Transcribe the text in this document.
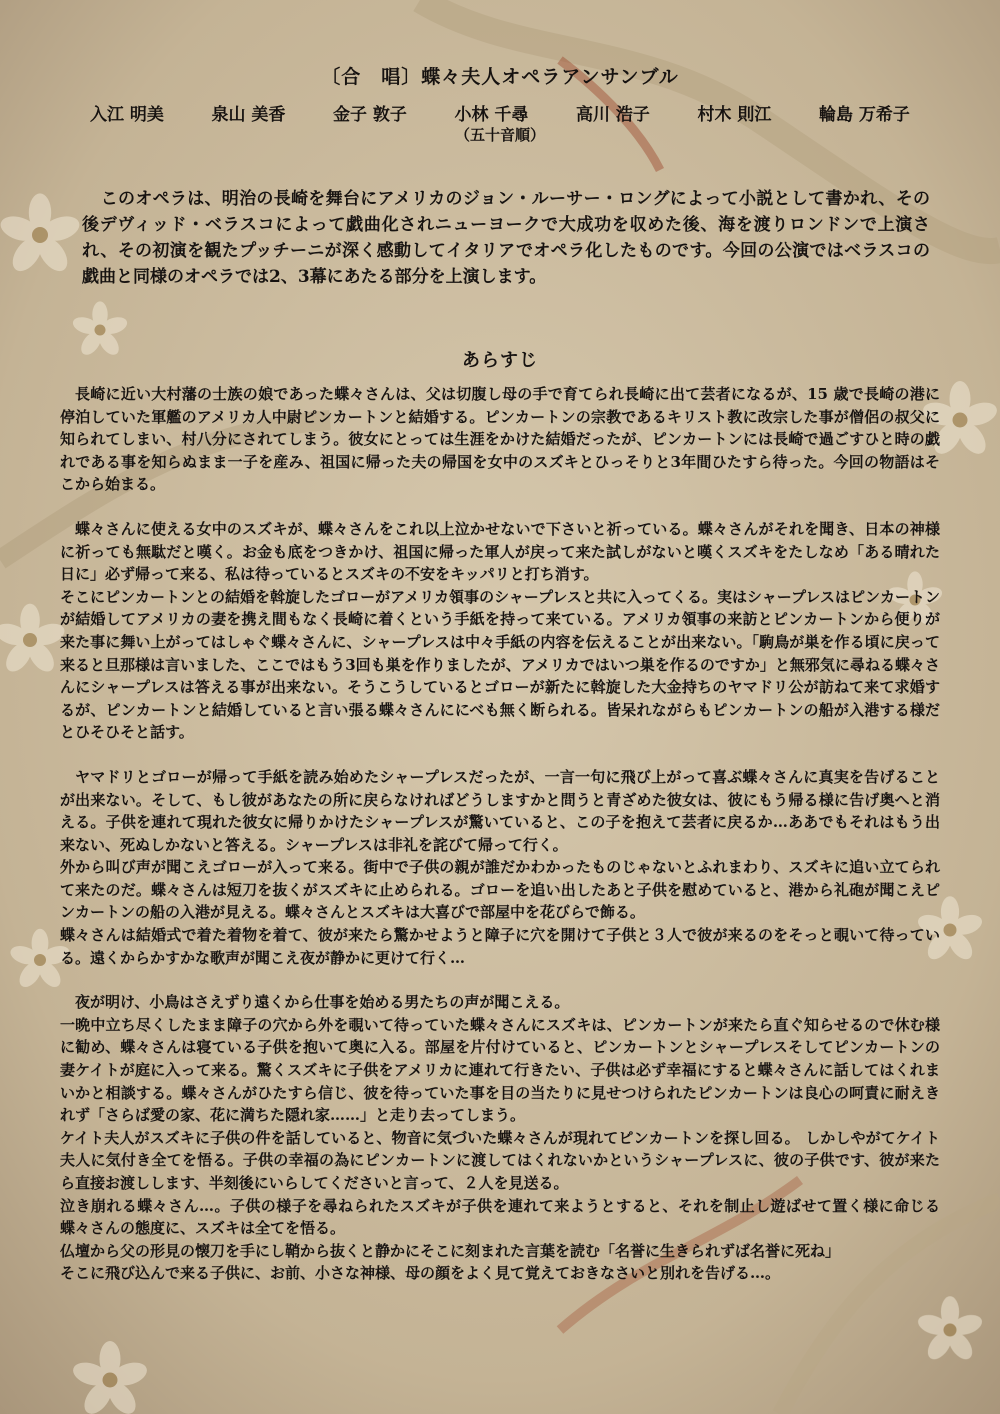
〔合　唱〕蝶々夫人オペラアンサンブル
入江 明美	泉山 美香	金子 敦子	小林 千尋	高川 浩子	村木 則江	輪島 万希子
（五十音順）

このオペラは、明治の長崎を舞台にアメリカのジョン・ルーサー・ロングによって小説として書かれ、その後デヴィッド・ベラスコによって戯曲化されニューヨークで大成功を収めた後、海を渡りロンドンで上演され、その初演を観たプッチーニが深く感動してイタリアでオペラ化したものです。今回の公演ではベラスコの戯曲と同様のオペラでは2、3幕にあたる部分を上演します。

あらすじ

長崎に近い大村藩の士族の娘であった蝶々さんは、父は切腹し母の手で育てられ長崎に出て芸者になるが、15 歳で長崎の港に停泊していた軍艦のアメリカ人中尉ピンカートンと結婚する。ピンカートンの宗教であるキリスト教に改宗した事が僧侶の叔父に知られてしまい、村八分にされてしまう。彼女にとっては生涯をかけた結婚だったが、ピンカートンには長崎で過ごすひと時の戯れである事を知らぬまま一子を産み、祖国に帰った夫の帰国を女中のスズキとひっそりと3年間ひたすら待った。今回の物語はそこから始まる。

蝶々さんに使える女中のスズキが、蝶々さんをこれ以上泣かせないで下さいと祈っている。蝶々さんがそれを聞き、日本の神様に祈っても無駄だと嘆く。お金も底をつきかけ、祖国に帰った軍人が戻って来た試しがないと嘆くスズキをたしなめ「ある晴れた日に」必ず帰って来る、私は待っているとスズキの不安をキッパリと打ち消す。

そこにピンカートンとの結婚を斡旋したゴローがアメリカ領事のシャープレスと共に入ってくる。実はシャープレスはピンカートンが結婚してアメリカの妻を携え間もなく長崎に着くという手紙を持って来ている。アメリカ領事の来訪とピンカートンから便りが来た事に舞い上がってはしゃぐ蝶々さんに、シャープレスは中々手紙の内容を伝えることが出来ない。「駒鳥が巣を作る頃に戻って来ると旦那様は言いました、ここではもう3回も巣を作りましたが、アメリカではいつ巣を作るのですか」と無邪気に尋ねる蝶々さんにシャープレスは答える事が出来ない。そうこうしているとゴローが新たに斡旋した大金持ちのヤマドリ公が訪ねて来て求婚するが、ピンカートンと結婚していると言い張る蝶々さんににべも無く断られる。皆呆れながらもピンカートンの船が入港する様だとひそひそと話す。

ヤマドリとゴローが帰って手紙を読み始めたシャープレスだったが、一言一句に飛び上がって喜ぶ蝶々さんに真実を告げることが出来ない。そして、もし彼があなたの所に戻らなければどうしますかと問うと青ざめた彼女は、彼にもう帰る様に告げ奥へと消える。子供を連れて現れた彼女に帰りかけたシャープレスが驚いていると、この子を抱えて芸者に戻るか…ああでもそれはもう出来ない、死ぬしかないと答える。シャープレスは非礼を詫びて帰って行く。

外から叫び声が聞こえゴローが入って来る。街中で子供の親が誰だかわかったものじゃないとふれまわり、スズキに追い立てられて来たのだ。蝶々さんは短刀を抜くがスズキに止められる。ゴローを追い出したあと子供を慰めていると、港から礼砲が聞こえピンカートンの船の入港が見える。蝶々さんとスズキは大喜びで部屋中を花びらで飾る。

蝶々さんは結婚式で着た着物を着て、彼が来たら驚かせようと障子に穴を開けて子供と３人で彼が来るのをそっと覗いて待っている。遠くからかすかな歌声が聞こえ夜が静かに更けて行く…

夜が明け、小鳥はさえずり遠くから仕事を始める男たちの声が聞こえる。

一晩中立ち尽くしたまま障子の穴から外を覗いて待っていた蝶々さんにスズキは、ピンカートンが来たら直ぐ知らせるので休む様に勧め、蝶々さんは寝ている子供を抱いて奥に入る。部屋を片付けていると、ピンカートンとシャープレスそしてピンカートンの妻ケイトが庭に入って来る。驚くスズキに子供をアメリカに連れて行きたい、子供は必ず幸福にすると蝶々さんに話してはくれまいかと相談する。蝶々さんがひたすら信じ、彼を待っていた事を目の当たりに見せつけられたピンカートンは良心の呵責に耐えきれず「さらば愛の家、花に満ちた隠れ家……」と走り去ってしまう。

ケイト夫人がスズキに子供の件を話していると、物音に気づいた蝶々さんが現れてピンカートンを探し回る。 しかしやがてケイト夫人に気付き全てを悟る。子供の幸福の為にピンカートンに渡してはくれないかというシャープレスに、彼の子供です、彼が来たら直接お渡しします、半刻後にいらしてくださいと言って、２人を見送る。

泣き崩れる蝶々さん…。子供の様子を尋ねられたスズキが子供を連れて来ようとすると、それを制止し遊ばせて置く様に命じる蝶々さんの態度に、スズキは全てを悟る。

仏壇から父の形見の懐刀を手にし鞘から抜くと静かにそこに刻まれた言葉を読む「名誉に生きられずば名誉に死ね」

そこに飛び込んで来る子供に、お前、小さな神様、母の顔をよく見て覚えておきなさいと別れを告げる…。
